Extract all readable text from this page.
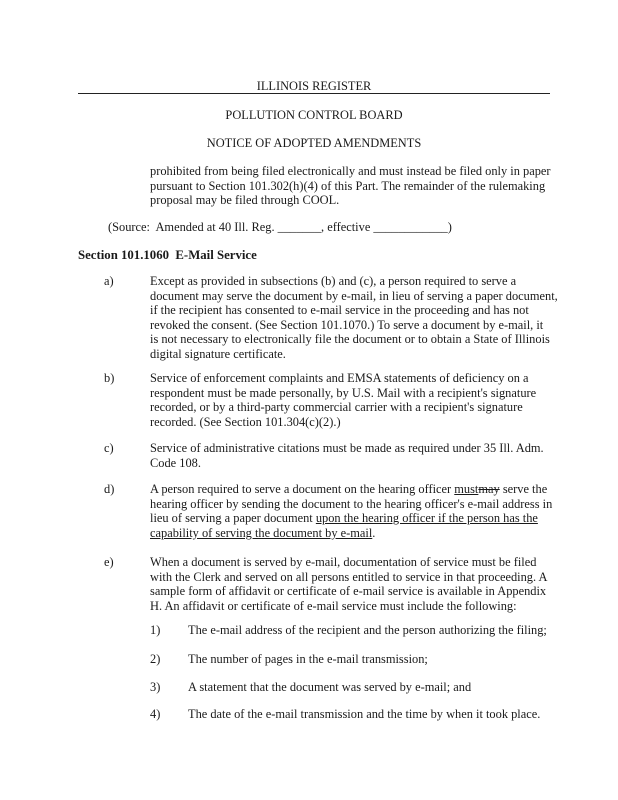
ILLINOIS REGISTER
POLLUTION CONTROL BOARD
NOTICE OF ADOPTED AMENDMENTS
prohibited from being filed electronically and must instead be filed only in paper
pursuant to Section 101.302(h)(4) of this Part. The remainder of the rulemaking
proposal may be filed through COOL.
(Source:  Amended at 40 Ill. Reg. _______, effective ____________)
Section 101.1060  E-Mail Service
a)	Except as provided in subsections (b) and (c), a person required to serve a
document may serve the document by e-mail, in lieu of serving a paper document,
if the recipient has consented to e-mail service in the proceeding and has not
revoked the consent. (See Section 101.1070.) To serve a document by e-mail, it
is not necessary to electronically file the document or to obtain a State of Illinois
digital signature certificate.
b)	Service of enforcement complaints and EMSA statements of deficiency on a
respondent must be made personally, by U.S. Mail with a recipient's signature
recorded, or by a third-party commercial carrier with a recipient's signature
recorded. (See Section 101.304(c)(2).)
c)	Service of administrative citations must be made as required under 35 Ill. Adm.
Code 108.
d)	A person required to serve a document on the hearing officer mustmay serve the
hearing officer by sending the document to the hearing officer's e-mail address in
lieu of serving a paper document upon the hearing officer if the person has the
capability of serving the document by e-mail.
e)	When a document is served by e-mail, documentation of service must be filed
with the Clerk and served on all persons entitled to service in that proceeding. A
sample form of affidavit or certificate of e-mail service is available in Appendix
H. An affidavit or certificate of e-mail service must include the following:
1) The e-mail address of the recipient and the person authorizing the filing;
2) The number of pages in the e-mail transmission;
3) A statement that the document was served by e-mail; and
4) The date of the e-mail transmission and the time by when it took place.
